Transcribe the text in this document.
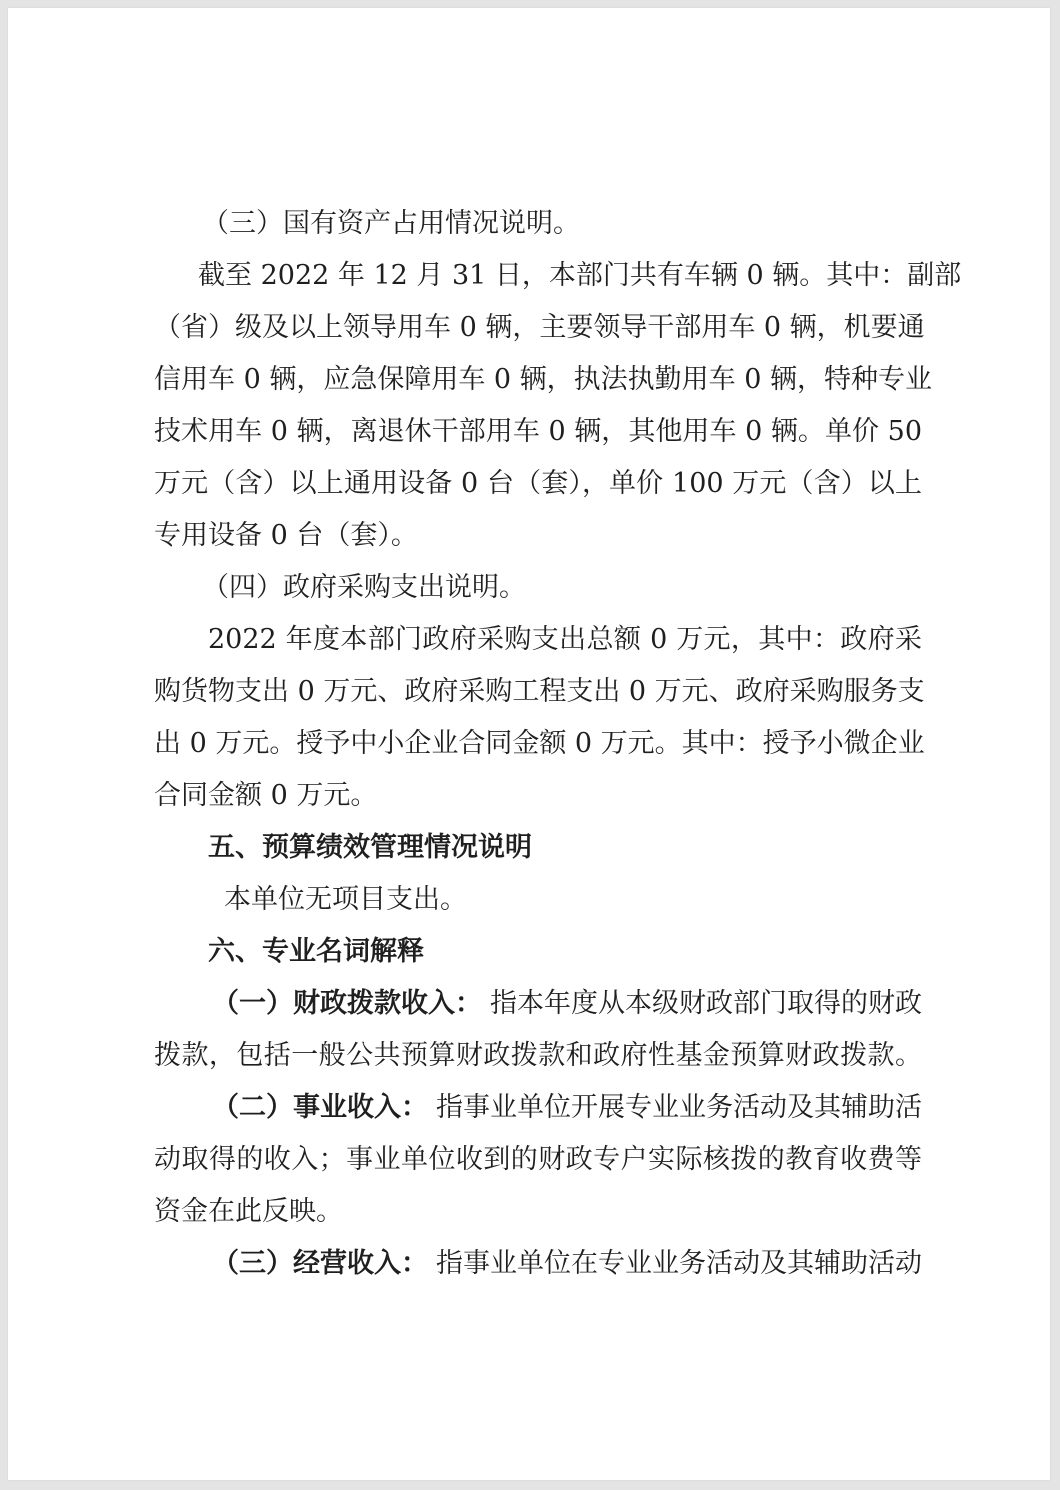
（三）国有资产占用情况说明。
截至 2022 年 12 月 31 日，本部门共有车辆 0 辆。其中：副部
（省）级及以上领导用车 0 辆，主要领导干部用车 0 辆，机要通
信用车 0 辆，应急保障用车 0 辆，执法执勤用车 0 辆，特种专业
技术用车 0 辆，离退休干部用车 0 辆，其他用车 0 辆。单价 50
万元（含）以上通用设备 0 台（套），单价 100 万元（含）以上
专用设备 0 台（套）。
（四）政府采购支出说明。
2022 年度本部门政府采购支出总额 0 万元，其中：政府采
购货物支出 0 万元、政府采购工程支出 0 万元、政府采购服务支
出 0 万元。授予中小企业合同金额 0 万元。其中：授予小微企业
合同金额 0 万元。
五、预算绩效管理情况说明
本单位无项目支出。
六、专业名词解释
（一）财政拨款收入： 指本年度从本级财政部门取得的财政
拨款，包括一般公共预算财政拨款和政府性基金预算财政拨款。
（二）事业收入： 指事业单位开展专业业务活动及其辅助活
动取得的收入；事业单位收到的财政专户实际核拨的教育收费等
资金在此反映。
（三）经营收入： 指事业单位在专业业务活动及其辅助活动
